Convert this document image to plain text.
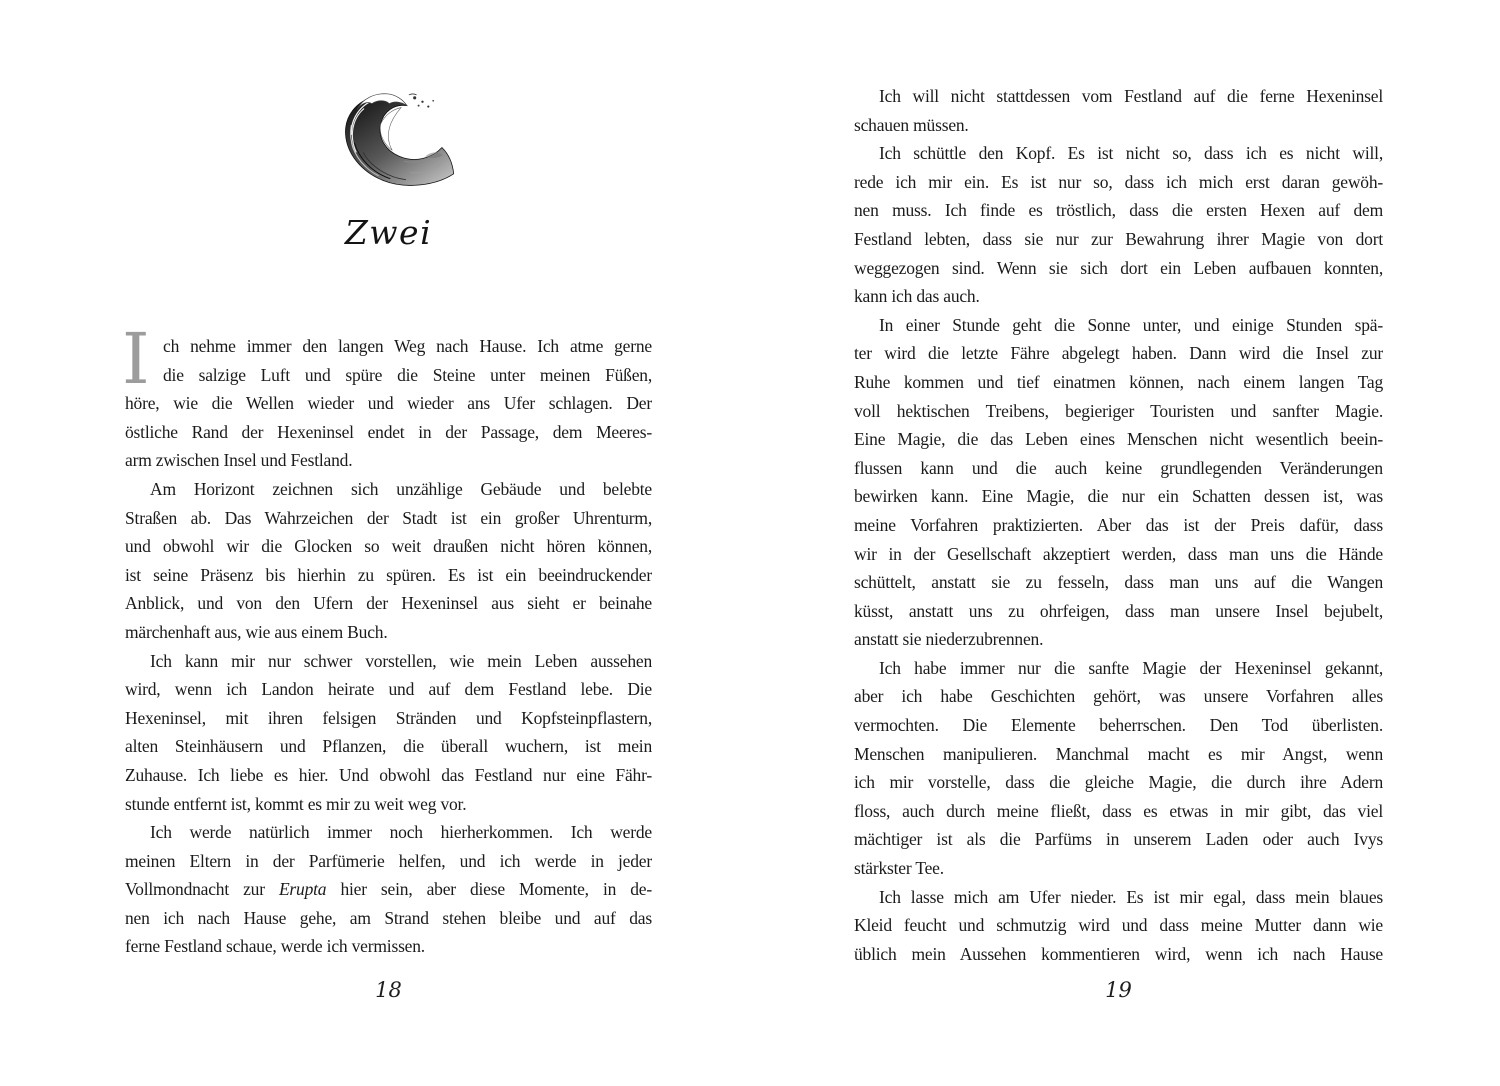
Zwei
I ch nehme immer den langen Weg nach Hause. Ich atme gerne
die salzige Luft und spüre die Steine unter meinen Füßen,
höre, wie die Wellen wieder und wieder ans Ufer schlagen. Der
östliche Rand der Hexeninsel endet in der Passage, dem Meeres-
arm zwischen Insel und Festland.
Am Horizont zeichnen sich unzählige Gebäude und belebte
Straßen ab. Das Wahrzeichen der Stadt ist ein großer Uhrenturm,
und obwohl wir die Glocken so weit draußen nicht hören können,
ist seine Präsenz bis hierhin zu spüren. Es ist ein beeindruckender
Anblick, und von den Ufern der Hexeninsel aus sieht er beinahe
märchenhaft aus, wie aus einem Buch.
Ich kann mir nur schwer vorstellen, wie mein Leben aussehen
wird, wenn ich Landon heirate und auf dem Festland lebe. Die
Hexeninsel, mit ihren felsigen Stränden und Kopfsteinpflastern,
alten Steinhäusern und Pflanzen, die überall wuchern, ist mein
Zuhause. Ich liebe es hier. Und obwohl das Festland nur eine Fähr-
stunde entfernt ist, kommt es mir zu weit weg vor.
Ich werde natürlich immer noch hierherkommen. Ich werde
meinen Eltern in der Parfümerie helfen, und ich werde in jeder
Vollmondnacht zur Erupta hier sein, aber diese Momente, in de-
nen ich nach Hause gehe, am Strand stehen bleibe und auf das
ferne Festland schaue, werde ich vermissen.
18
Ich will nicht stattdessen vom Festland auf die ferne Hexeninsel
schauen müssen.
Ich schüttle den Kopf. Es ist nicht so, dass ich es nicht will,
rede ich mir ein. Es ist nur so, dass ich mich erst daran gewöh-
nen muss. Ich finde es tröstlich, dass die ersten Hexen auf dem
Festland lebten, dass sie nur zur Bewahrung ihrer Magie von dort
weggezogen sind. Wenn sie sich dort ein Leben aufbauen konnten,
kann ich das auch.
In einer Stunde geht die Sonne unter, und einige Stunden spä-
ter wird die letzte Fähre abgelegt haben. Dann wird die Insel zur
Ruhe kommen und tief einatmen können, nach einem langen Tag
voll hektischen Treibens, begieriger Touristen und sanfter Magie.
Eine Magie, die das Leben eines Menschen nicht wesentlich beein-
flussen kann und die auch keine grundlegenden Veränderungen
bewirken kann. Eine Magie, die nur ein Schatten dessen ist, was
meine Vorfahren praktizierten. Aber das ist der Preis dafür, dass
wir in der Gesellschaft akzeptiert werden, dass man uns die Hände
schüttelt, anstatt sie zu fesseln, dass man uns auf die Wangen
küsst, anstatt uns zu ohrfeigen, dass man unsere Insel bejubelt,
anstatt sie niederzubrennen.
Ich habe immer nur die sanfte Magie der Hexeninsel gekannt,
aber ich habe Geschichten gehört, was unsere Vorfahren alles
vermochten. Die Elemente beherrschen. Den Tod überlisten.
Menschen manipulieren. Manchmal macht es mir Angst, wenn
ich mir vorstelle, dass die gleiche Magie, die durch ihre Adern
floss, auch durch meine fließt, dass es etwas in mir gibt, das viel
mächtiger ist als die Parfüms in unserem Laden oder auch Ivys
stärkster Tee.
Ich lasse mich am Ufer nieder. Es ist mir egal, dass mein blaues
Kleid feucht und schmutzig wird und dass meine Mutter dann wie
üblich mein Aussehen kommentieren wird, wenn ich nach Hause
19
